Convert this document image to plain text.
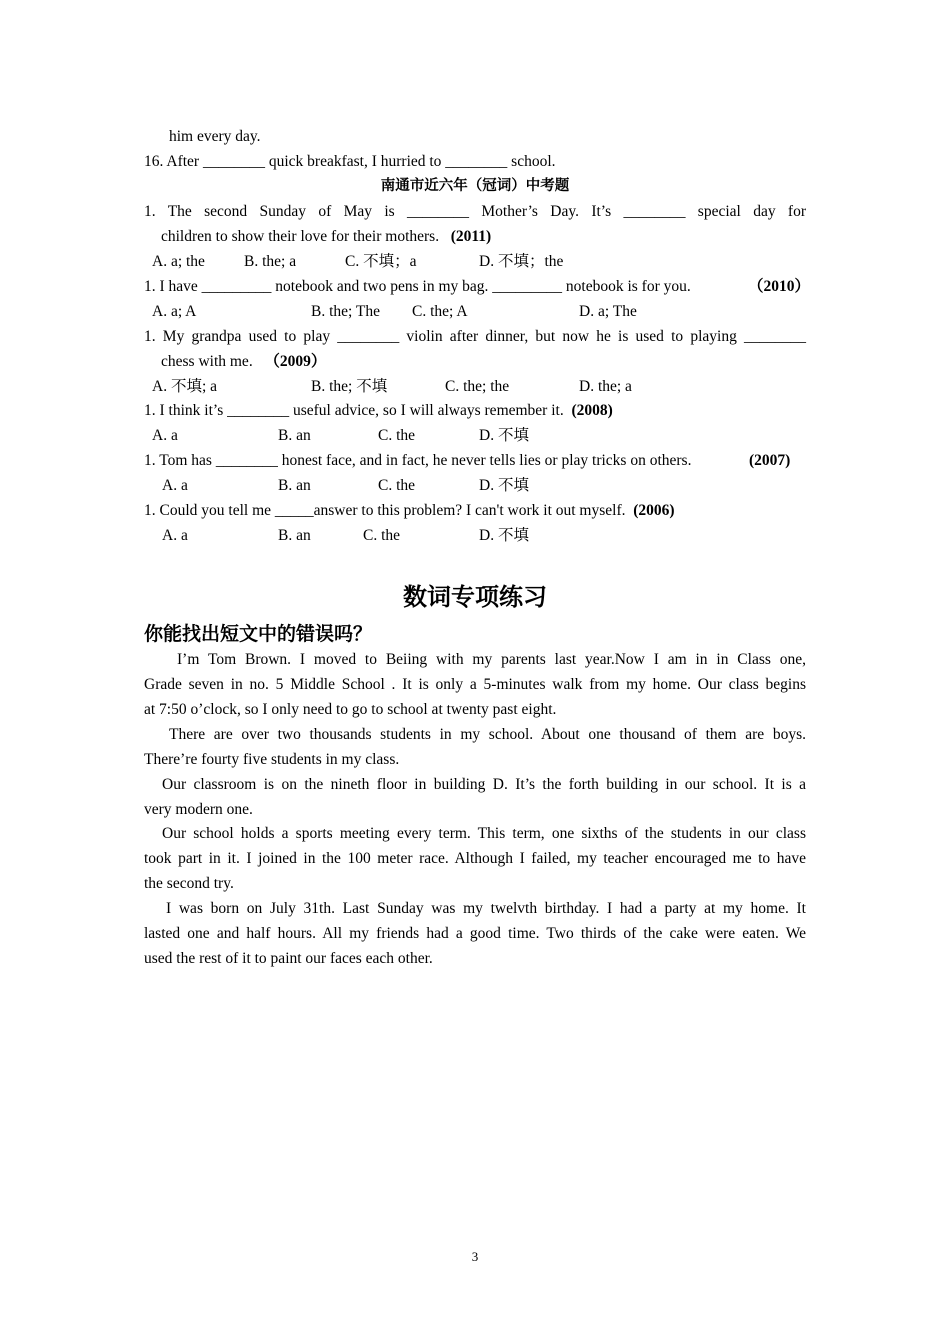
him every day.
16. After ________ quick breakfast, I hurried to ________ school.
南通市近六年（冠词）中考题
1. The second Sunday of May is ________ Mother’s Day. It’s ________ special day for
children to show their love for their mothers. (2011)
A. a; the	B. the; a	C. 不填；a	D. 不填；the
1. I have _________ notebook and two pens in my bag. _________ notebook is for you.	（2010）
A. a; A	B. the; The C. the; A	D. a; The
1. My grandpa used to play ________ violin after dinner, but now he is used to playing ________
chess with me. （2009）
A. 不填; a	B. the; 不填	C. the; the	D. the; a
1. I think it’s ________ useful advice, so I will always remember it. (2008)
A. a	B. an	C. the	D. 不填
1. Tom has ________ honest face, and in fact, he never tells lies or play tricks on others.	(2007)
A. a	B. an	C. the	D. 不填
1. Could you tell me _____answer to this problem? I can't work it out myself. (2006)
A. a	B. an	C. the	D. 不填
数词专项练习
你能找出短文中的错误吗？
I’m Tom Brown. I moved to Beiing with my parents last year.Now I am in in Class one,
Grade seven in no. 5 Middle School . It is only a 5-minutes walk from my home. Our class begins
at 7:50 o’clock, so I only need to go to school at twenty past eight.
There are over two thousands students in my school. About one thousand of them are boys.
There’re fourty five students in my class.
Our classroom is on the nineth floor in building D. It’s the forth building in our school. It is a
very modern one.
Our school holds a sports meeting every term. This term, one sixths of the students in our class
took part in it. I joined in the 100 meter race. Although I failed, my teacher encouraged me to have
the second try.
I was born on July 31th. Last Sunday was my twelvth birthday. I had a party at my home. It
lasted one and half hours. All my friends had a good time. Two thirds of the cake were eaten. We
used the rest of it to paint our faces each other.
3
